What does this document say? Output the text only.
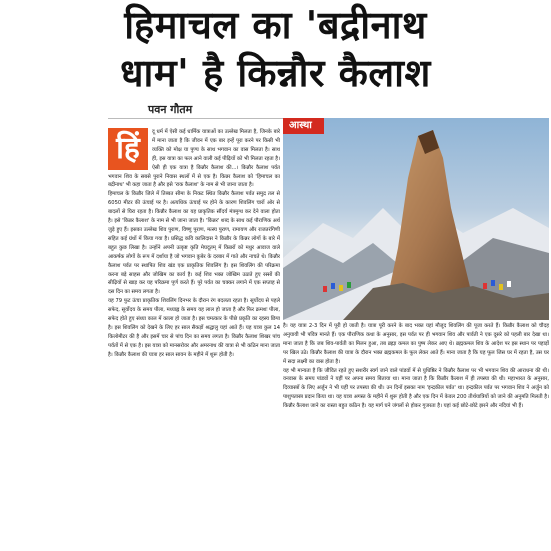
हिमाचल का 'बद्रीनाथ
धाम' है किन्नौर कैलाश
पवन गौतम
हिं	दू धर्म में ऐसी कई धार्मिक यात्राओं का उल्लेख मिलता है, जिनके बारे में माना जाता है कि जीवन में एक बार इन्हें पूरा करने पर किसी भी व्यक्ति को मोक्ष या पुण्य के साथ भगवान का वास मिलता है। साथ ही, इस यात्रा का फल आने वाली कई पीढ़ियों को भी मिलता रहता है। ऐसी ही एक यात्रा है किन्नौर कैलाश की...। किन्नौर कैलाश पर्वत भगवान शिव के सबसे पुराने निवास स्थलों में से एक है। किन्नर कैलाश को 'हिमाचल का बद्रीनाथ' भी कहा जाता है और इसे 'राक कैलाश' के नाम से भी जाना जाता है।

हिमाचल के किन्नौर जिले में तिब्बत सीमा के निकट स्थित किन्नौर कैलाश पर्वत समुद्र तल से 6050 मीटर की ऊंचाई पर है। अत्यधिक ऊंचाई पर होने के कारण शिवलिंग चारों ओर से बादलों से घिरा रहता है। किन्नौर कैलाश का यह प्राकृतिक सौंदर्य मंत्रमुग्ध कर देने वाला होता है। इसे 'किन्नर कैलाश' के नाम से भी जाना जाता है। 'किन्नर' शब्द के साथ कई पौराणिक अर्थ जुड़े हुए हैं। इसका उल्लेख शिव पुराण, विष्णु पुराण, मत्स्य पुराण, रामायण और राजतरंगिणी सहित कई ग्रंथों में किया गया है। प्रसिद्ध कवि कालिदास ने किन्नौर के किन्नर लोगों के बारे में बहुत कुछ लिखा है। उन्होंने अपनी उत्कृष्ट कृति मेघदूतम् में किन्नरों को मधुर आवाज वाले आकर्षक लोगों के रूप में दर्शाया है जो भगवान कुबेर के दरबार में गाते और नाचते थे। किन्नौर कैलाश पर्वत पर स्थापित शिव खंड एक प्राकृतिक शिवलिंग है। इस शिवलिंग की परिक्रमा करना बड़े साहस और जोखिम का कार्य है। कई शिव भक्त जोखिम उठाते हुए रस्सों की सीढ़ियों से खाड़ कर यह परिक्रमा पूर्ण करते हैं। पूरे पर्वत का चक्कर लगाने में एक सप्ताह से दस दिन का समय लगता है।

यह 79 फुट ऊंचा प्राकृतिक शिवलिंग दिनभर के दौरान रंग बदलता रहता है। सूर्योदय से पहले सफेद, सूर्योदय के समय पीला, मध्याह्न के समय यह लाल हो जाता है और फिर क्रमशः पीला, सफेद होते हुए संध्या काल में काला हो जाता है। इस चमत्कार के पीछे प्रकृति का रहस्य छिपा है। इस शिवलिंग को देखने के लिए हर साल सैकड़ों श्रद्धालु यहां आते हैं। यह यात्रा कुल 14 किलोमीटर की है और इसमें चार से पांच दिन का समय लगता है। किन्नौर कैलाश शिखर पांच पर्वतों में से एक है। इस यात्रा को मानसरोवर और अमरनाथ की यात्रा से भी कठिन माना जाता है। किन्नौर कैलाश की यात्रा हर साल सावन के महीने में शुरू होती है।

आस्था

है। यह यात्रा 2-3 दिन में पूरी हो जाती है। यात्रा पूरी करने के बाद भक्त यहां मौजूद शिवलिंग की पूजा करते हैं। किन्नौर कैलाश को चौदह अनुयायी भी पवित्र मानते हैं। एक पौराणिक कथा के अनुसार, इस पर्वत पर ही भगवान शिव और पार्वती ने एक दूसरे को पहली बार देखा था। माना जाता है कि जब शिव-पार्वती का मिलन हुआ, तब ब्रह्मा कमल का पुष्प लेकर आए थे। ब्रह्मकमल शिव के आदेश पर इस स्थान पर पहाड़ों पर खिल उठे। किन्नौर कैलाश की यात्रा के दौरान भक्त ब्रह्मकमल के फूल लेकर आते हैं। माना जाता है कि यह फूल जिस घर में रहता है, उस घर में सदा लक्ष्मी का वास होता है।

यह भी मान्यता है कि जीवित रहते हुए सशरीर स्वर्ग जाने वाले पांडवों में से युधिष्ठिर ने किन्नौर कैलाश पर भी भगवान शिव की आराधना की थी। वनवास के समय पांडवों ने यहीं पर अपना समय बिताया था। माना जाता है कि किन्नौर कैलाश में ही तपस्या की थी। महाभारत के अनुसार, दिव्यास्त्रों के लिए अर्जुन ने भी यहीं पर तपस्या की थी। उन दिनों इसका नाम 'इन्द्रकील पर्वत' था। इन्द्रकील पर्वत पर भगवान शिव ने अर्जुन को पाशुपतास्त्र प्रदान किया था। यह यात्रा अगस्त के महीने में शुरू होती है और एक दिन में केवल 200 तीर्थयात्रियों को जाने की अनुमति मिलती है। किन्नौर कैलाश जाने का रास्ता बहुत कठिन है। यह मार्ग घने जंगलों से होकर गुजरता है। यहां कई छोटे-छोटे झरने और नदियां भी हैं।
